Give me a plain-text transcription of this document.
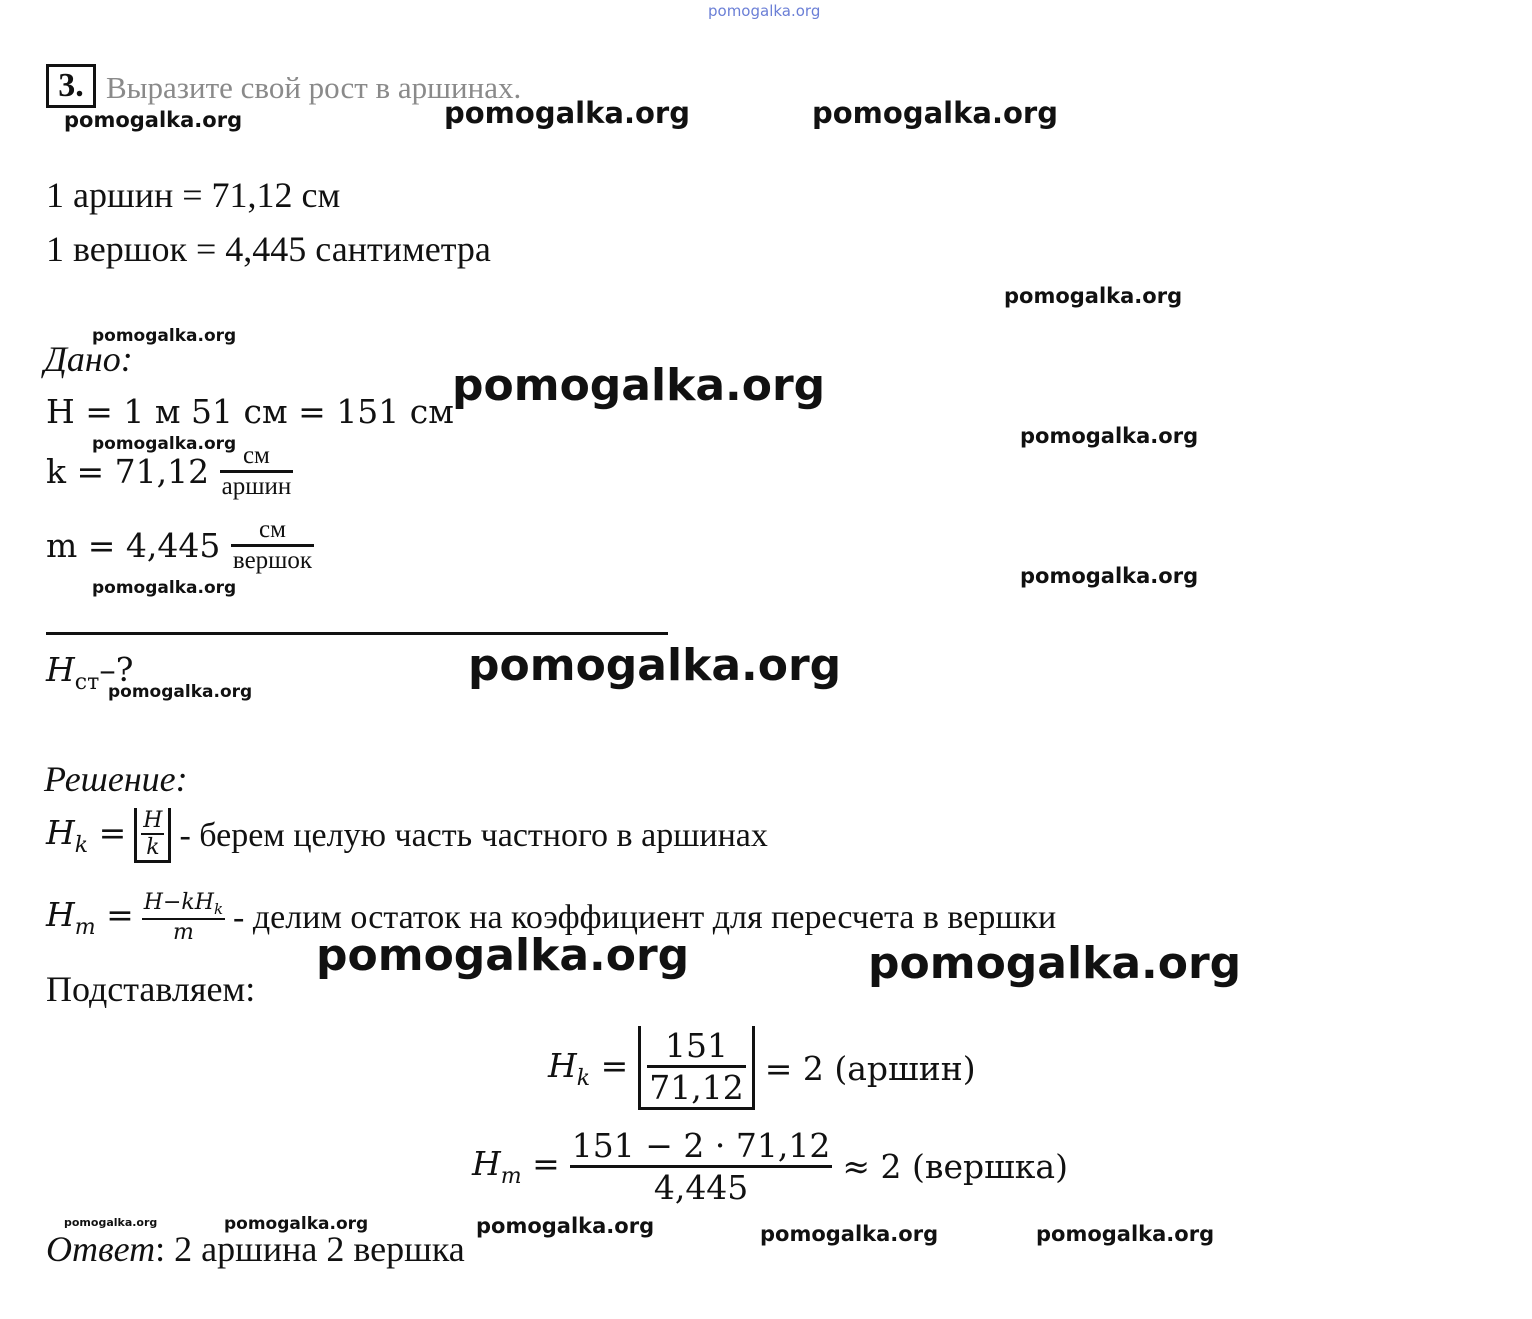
pomogalka.org
3. Выразите свой рост в аршинах.
pomogalka.org	pomogalka.org	pomogalka.org
1 аршин = 71,12 см
1 вершок = 4,445 сантиметра
pomogalka.org
pomogalka.org
Дано:
pomogalka.org
H = 1 м 51 см = 151 см
pomogalka.org	pomogalka.org
$k = 71,12 \frac{см}{\text{аршин}}$
$m = 4,445 \frac{см}{\text{вершок}}$
pomogalka.org	pomogalka.org
$H_{ст}-$?
pomogalka.org
pomogalka.org
Решение:
$H_k = \frac{H}{k}$ - берем целую часть частного в аршинах
$H_m = \frac{H-kH_k}{m}$ - делим остаток на коэффициент для пересчета в вершки
pomogalka.org	pomogalka.org
Подставляем:
$H_k = \frac{151}{71,12} = 2$ (аршин)
$H_m = \frac{151 - 2 \cdot 71,12}{4,445} \approx 2$ (вершка)
pomogalka.org	pomogalka.org	pomogalka.org	pomogalka.org	pomogalka.org
Ответ: 2 аршина 2 вершка
